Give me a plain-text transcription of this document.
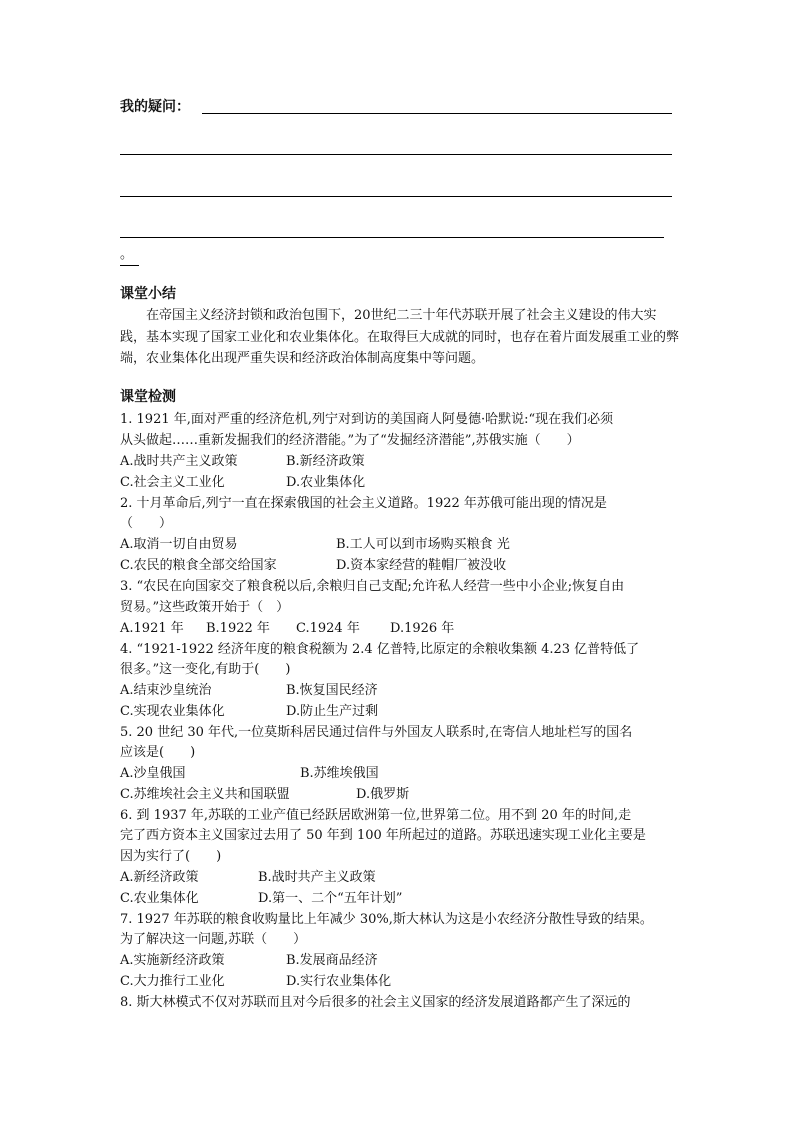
我的疑问：
。
课堂小结

在帝国主义经济封锁和政治包围下，20世纪二三十年代苏联开展了社会主义建设的伟大实践，基本实现了国家工业化和农业集体化。在取得巨大成就的同时，也存在着片面发展重工业的弊端，农业集体化出现严重失误和经济政治体制高度集中等问题。

课堂检测
1. 1921 年,面对严重的经济危机,列宁对到访的美国商人阿曼德·哈默说:“现在我们必须
从头做起……重新发掘我们的经济潜能。”为了“发掘经济潜能”,苏俄实施（　　）
A.战时共产主义政策	B.新经济政策
C.社会主义工业化	D.农业集体化
2. 十月革命后,列宁一直在探索俄国的社会主义道路。1922 年苏俄可能出现的情况是
（　　）
A.取消一切自由贸易	B.工人可以到市场购买粮食 光
C.农民的粮食全部交给国家	D.资本家经营的鞋帽厂被没收
3. “农民在向国家交了粮食税以后,余粮归自己支配;允许私人经营一些中小企业;恢复自由
贸易。”这些政策开始于（　）
A.1921 年 B.1922 年 C.1924 年 D.1926 年
4. “1921-1922 经济年度的粮食税额为 2.4 亿普特,比原定的余粮收集额 4.23 亿普特低了
很多。”这一变化,有助于(　　)
A.结束沙皇统治	B.恢复国民经济
C.实现农业集体化	D.防止生产过剩
5. 20 世纪 30 年代,一位莫斯科居民通过信件与外国友人联系时,在寄信人地址栏写的国名
应该是(　　)
A.沙皇俄国	B.苏维埃俄国
C.苏维埃社会主义共和国联盟	D.俄罗斯
6. 到 1937 年,苏联的工业产值已经跃居欧洲第一位,世界第二位。用不到 20 年的时间,走
完了西方资本主义国家过去用了 50 年到 100 年所起过的道路。苏联迅速实现工业化主要是
因为实行了(　　)
A.新经济政策	B.战时共产主义政策
C.农业集体化	D.第一、二个“五年计划”
7. 1927 年苏联的粮食收购量比上年减少 30%,斯大林认为这是小农经济分散性导致的结果。
为了解决这一问题,苏联（　　）
A.实施新经济政策	B.发展商品经济
C.大力推行工业化	D.实行农业集体化
8. 斯大林模式不仅对苏联而且对今后很多的社会主义国家的经济发展道路都产生了深远的
